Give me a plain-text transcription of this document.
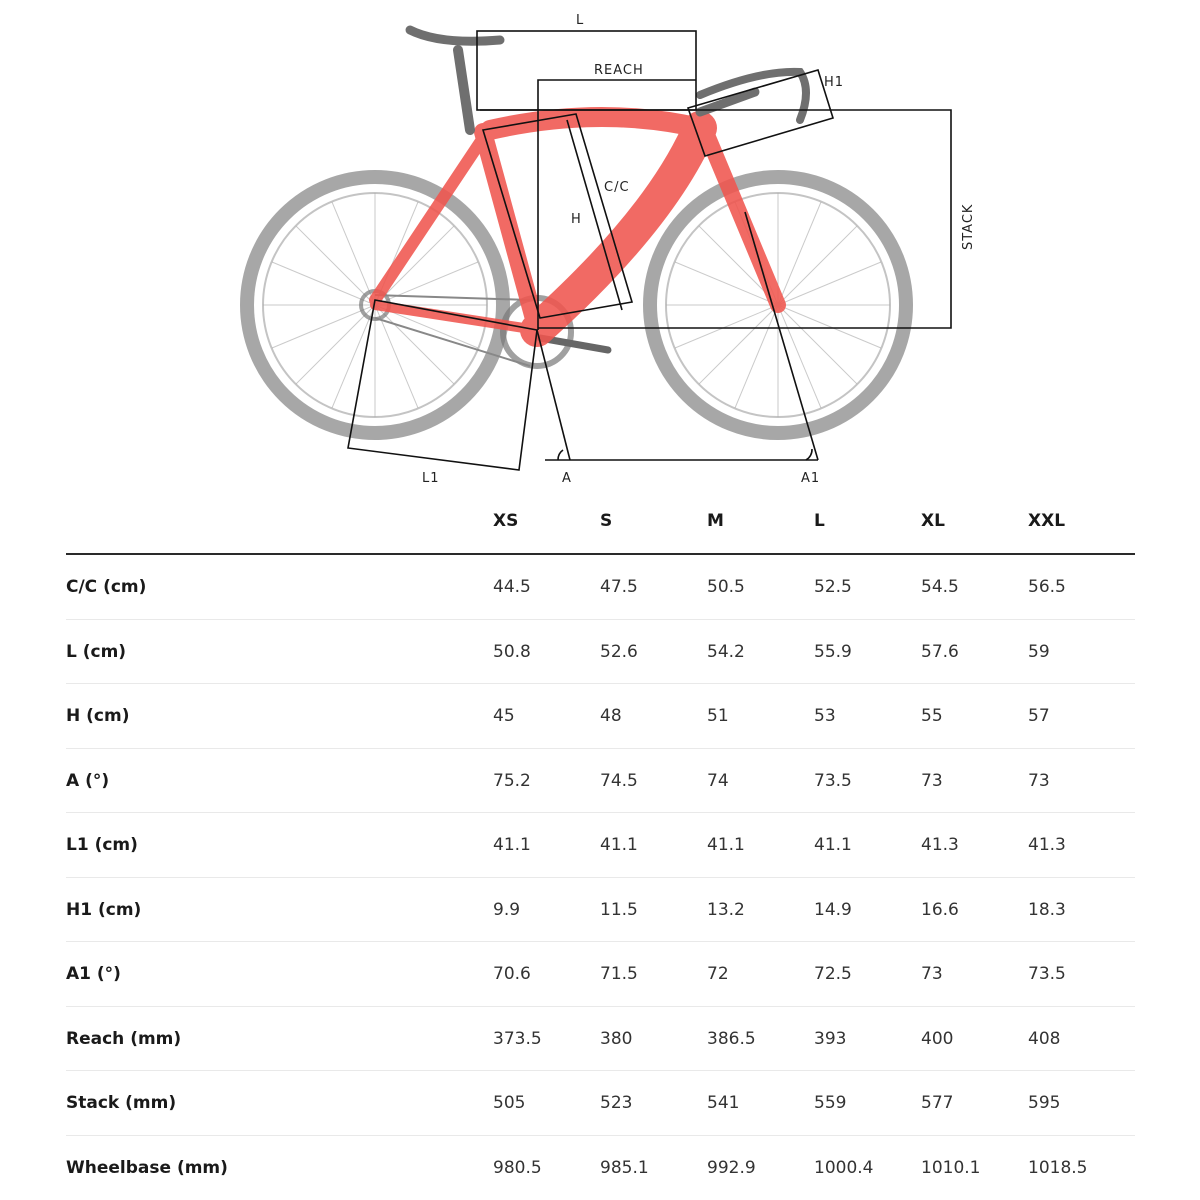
L
REACH
H1
C/C
H	STACK
L1	A	A1
XS	S	M	L	XL	XXL
C/C (cm)	44.5	47.5	50.5	52.5	54.5	56.5
L (cm)	50.8	52.6	54.2	55.9	57.6	59
H (cm)	45	48	51	53	55	57
A (°)	75.2	74.5	74	73.5	73	73
L1 (cm)	41.1	41.1	41.1	41.1	41.3	41.3
H1 (cm)	9.9	11.5	13.2	14.9	16.6	18.3
A1 (°)	70.6	71.5	72	72.5	73	73.5
Reach (mm)	373.5	380	386.5	393	400	408
Stack (mm)	505	523	541	559	577	595
Wheelbase (mm)	980.5	985.1	992.9	1000.4	1010.1	1018.5
